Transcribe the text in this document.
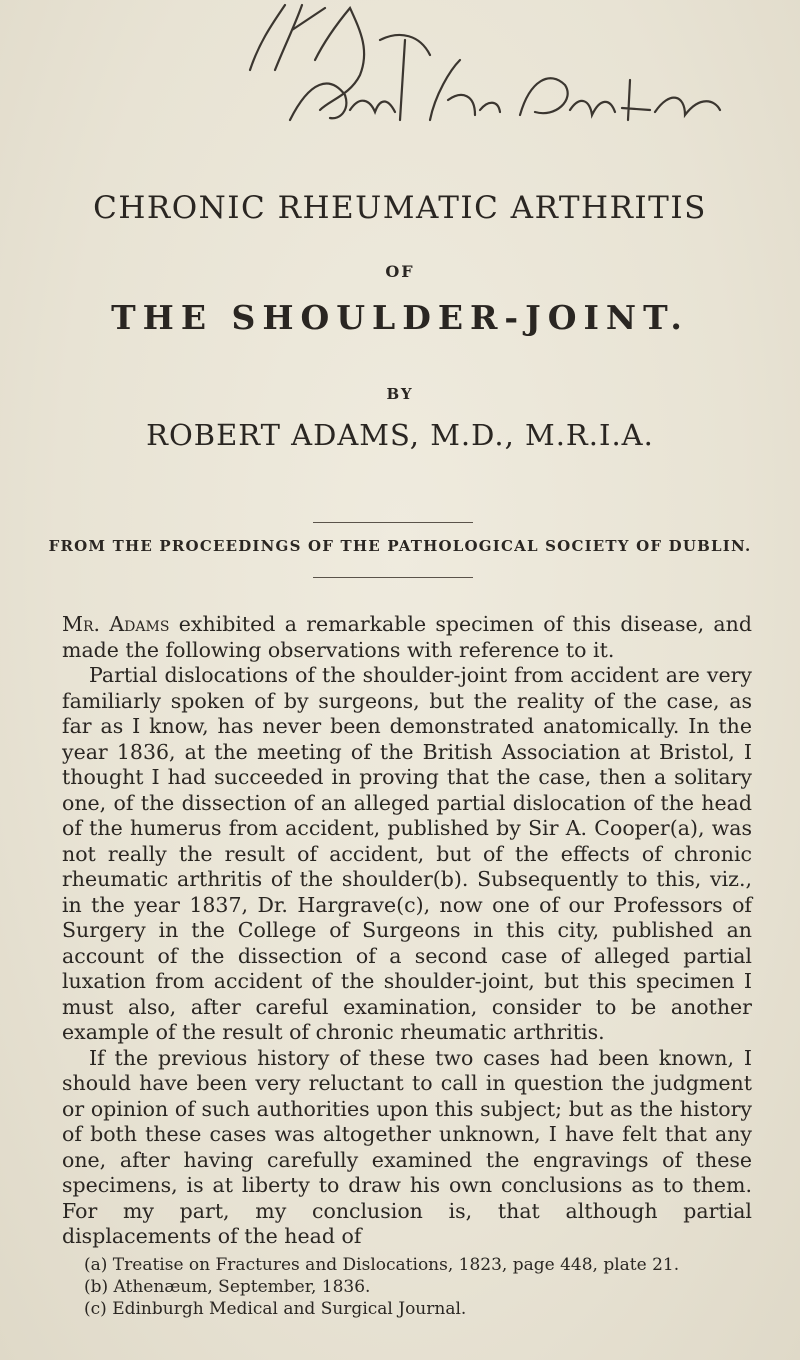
CHRONIC RHEUMATIC ARTHRITIS
OF
THE SHOULDER-JOINT.
BY
ROBERT ADAMS, M.D., M.R.I.A.
FROM THE PROCEEDINGS OF THE PATHOLOGICAL SOCIETY OF DUBLIN.

Mr. Adams exhibited a remarkable specimen of this disease, and made the following observations with reference to it.

Partial dislocations of the shoulder-joint from accident are very familiarly spoken of by surgeons, but the reality of the case, as far as I know, has never been demonstrated anatomically. In the year 1836, at the meeting of the British Association at Bristol, I thought I had succeeded in proving that the case, then a solitary one, of the dissection of an alleged partial dislocation of the head of the humerus from accident, published by Sir A. Cooper(a), was not really the result of accident, but of the effects of chronic rheumatic arthritis of the shoulder(b). Subsequently to this, viz., in the year 1837, Dr. Hargrave(c), now one of our Professors of Surgery in the College of Surgeons in this city, published an account of the dissection of a second case of alleged partial luxation from accident of the shoulder-joint, but this specimen I must also, after careful examination, consider to be another example of the result of chronic rheumatic arthritis.

If the previous history of these two cases had been known, I should have been very reluctant to call in question the judgment or opinion of such authorities upon this subject; but as the history of both these cases was altogether unknown, I have felt that any one, after having carefully examined the engravings of these specimens, is at liberty to draw his own conclusions as to them. For my part, my conclusion is, that although partial displacements of the head of

(a) Treatise on Fractures and Dislocations, 1823, page 448, plate 21.
(b) Athenæum, September, 1836.
(c) Edinburgh Medical and Surgical Journal.
